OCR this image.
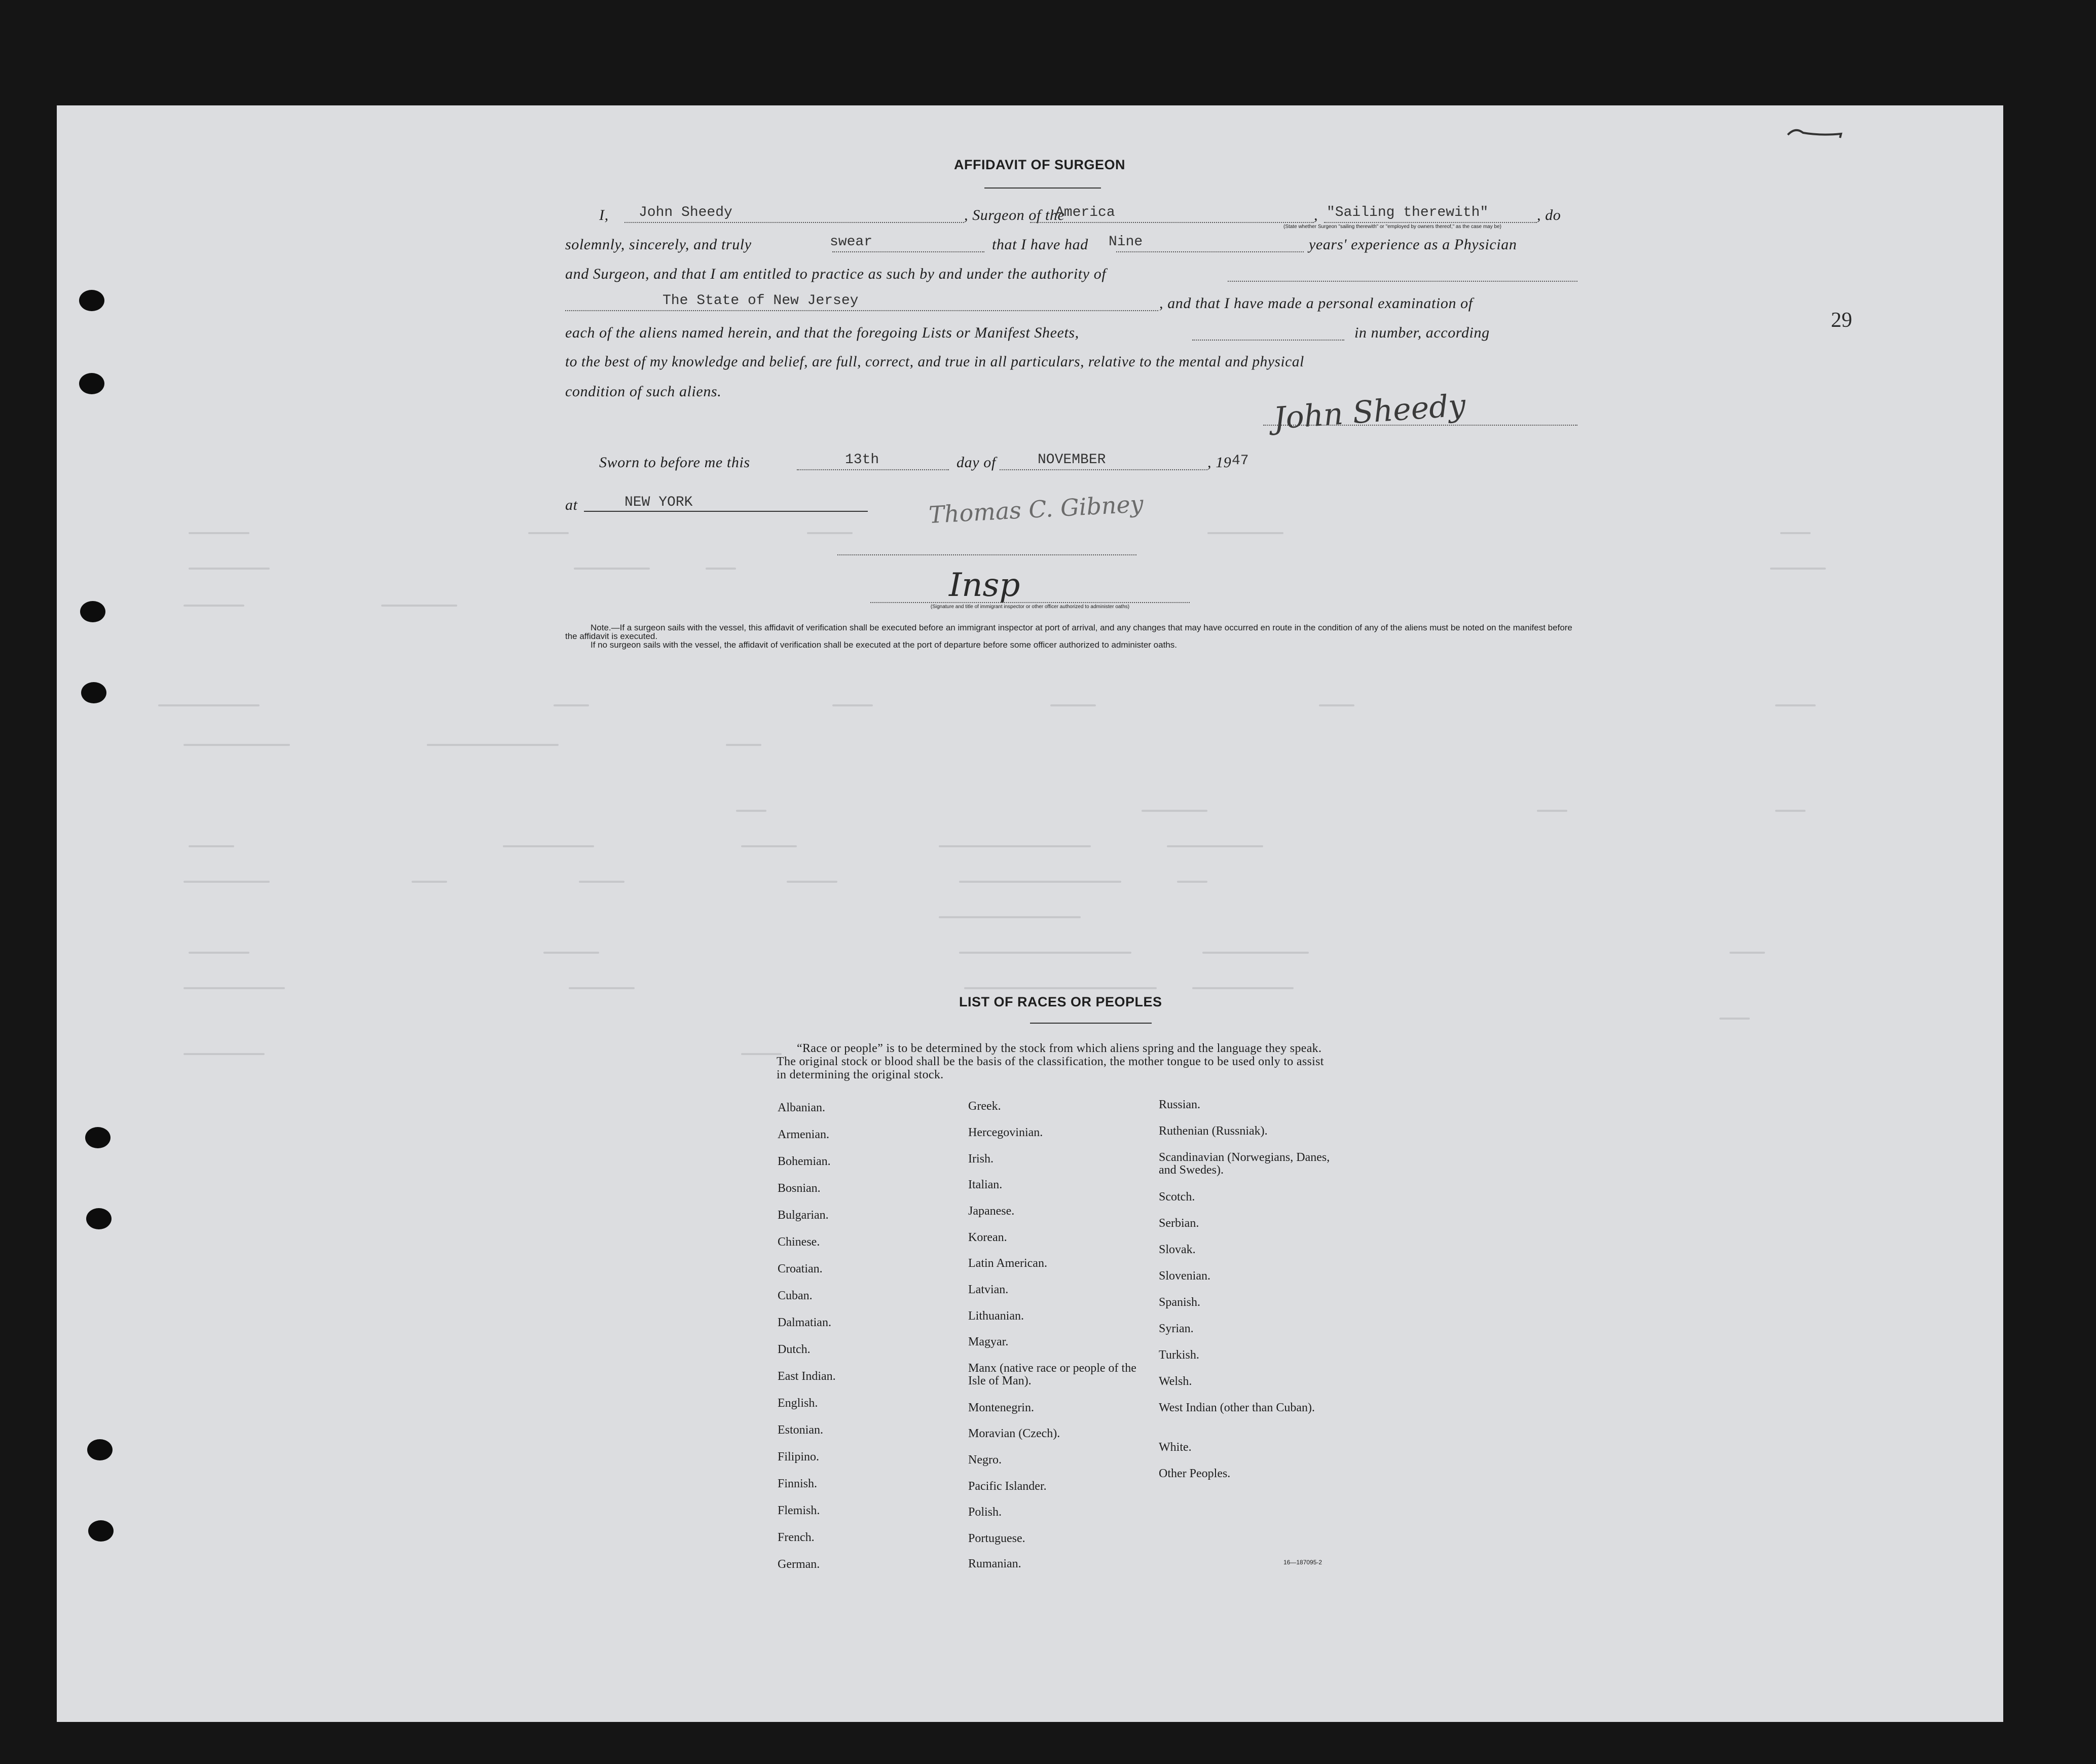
29
AFFIDAVIT OF SURGEON
I, John Sheedy	, Surgeon of the
America	, "Sailing therewith"	, do
(State whether Surgeon "sailing therewith" or "employed by owners thereof," as the case may be)
solemnly, sincerely, and truly	swear	that I have had Nine	years' experience as a Physician
and Surgeon, and that I am entitled to practice as such by and under the authority of
The State of New Jersey	, and that I have made a personal examination of
each of the aliens named herein, and that the foregoing Lists or Manifest Sheets,	in number, according
to the best of my knowledge and belief, are full, correct, and true in all particulars, relative to the mental and physical
condition of such aliens.	John Sheedy
Sworn to before me this	13th	day of	NOVEMBER	, 19 47
at	NEW YORK	Thomas C. Gibney
Insp
(Signature and title of immigrant inspector or other officer authorized to administer oaths)
Note.—If a surgeon sails with the vessel, this affidavit of verification shall be executed before an immigrant inspector at port of arrival, and any changes that may have occurred en route in the condition of any of the aliens must be noted on the manifest before the affidavit is executed.
If no surgeon sails with the vessel, the affidavit of verification shall be executed at the port of departure before some officer authorized to administer oaths.
LIST OF RACES OR PEOPLES
“Race or people” is to be determined by the stock from which aliens spring and the language they speak. The original stock or blood shall be the basis of the classification, the mother tongue to be used only to assist in determining the original stock.
Albanian.
Armenian.
Bohemian.
Bosnian.
Bulgarian.
Chinese.
Croatian.
Cuban.
Dalmatian.
Dutch.
East Indian.
English.
Estonian.
Filipino.
Finnish.
Flemish.
French.
German.
Greek.
Hercegovinian.
Irish.
Italian.
Japanese.
Korean.
Latin American.
Latvian.
Lithuanian.
Magyar.
Manx (native race or people of the Isle of Man).
Montenegrin.
Moravian (Czech).
Negro.
Pacific Islander.
Polish.
Portuguese.
Rumanian.
Russian.
Ruthenian (Russniak).
Scandinavian (Norwegians, Danes, and Swedes).
Scotch.
Serbian.
Slovak.
Slovenian.
Spanish.
Syrian.
Turkish.
Welsh.
West Indian (other than Cuban).
White.
Other Peoples.
16—187095-2
